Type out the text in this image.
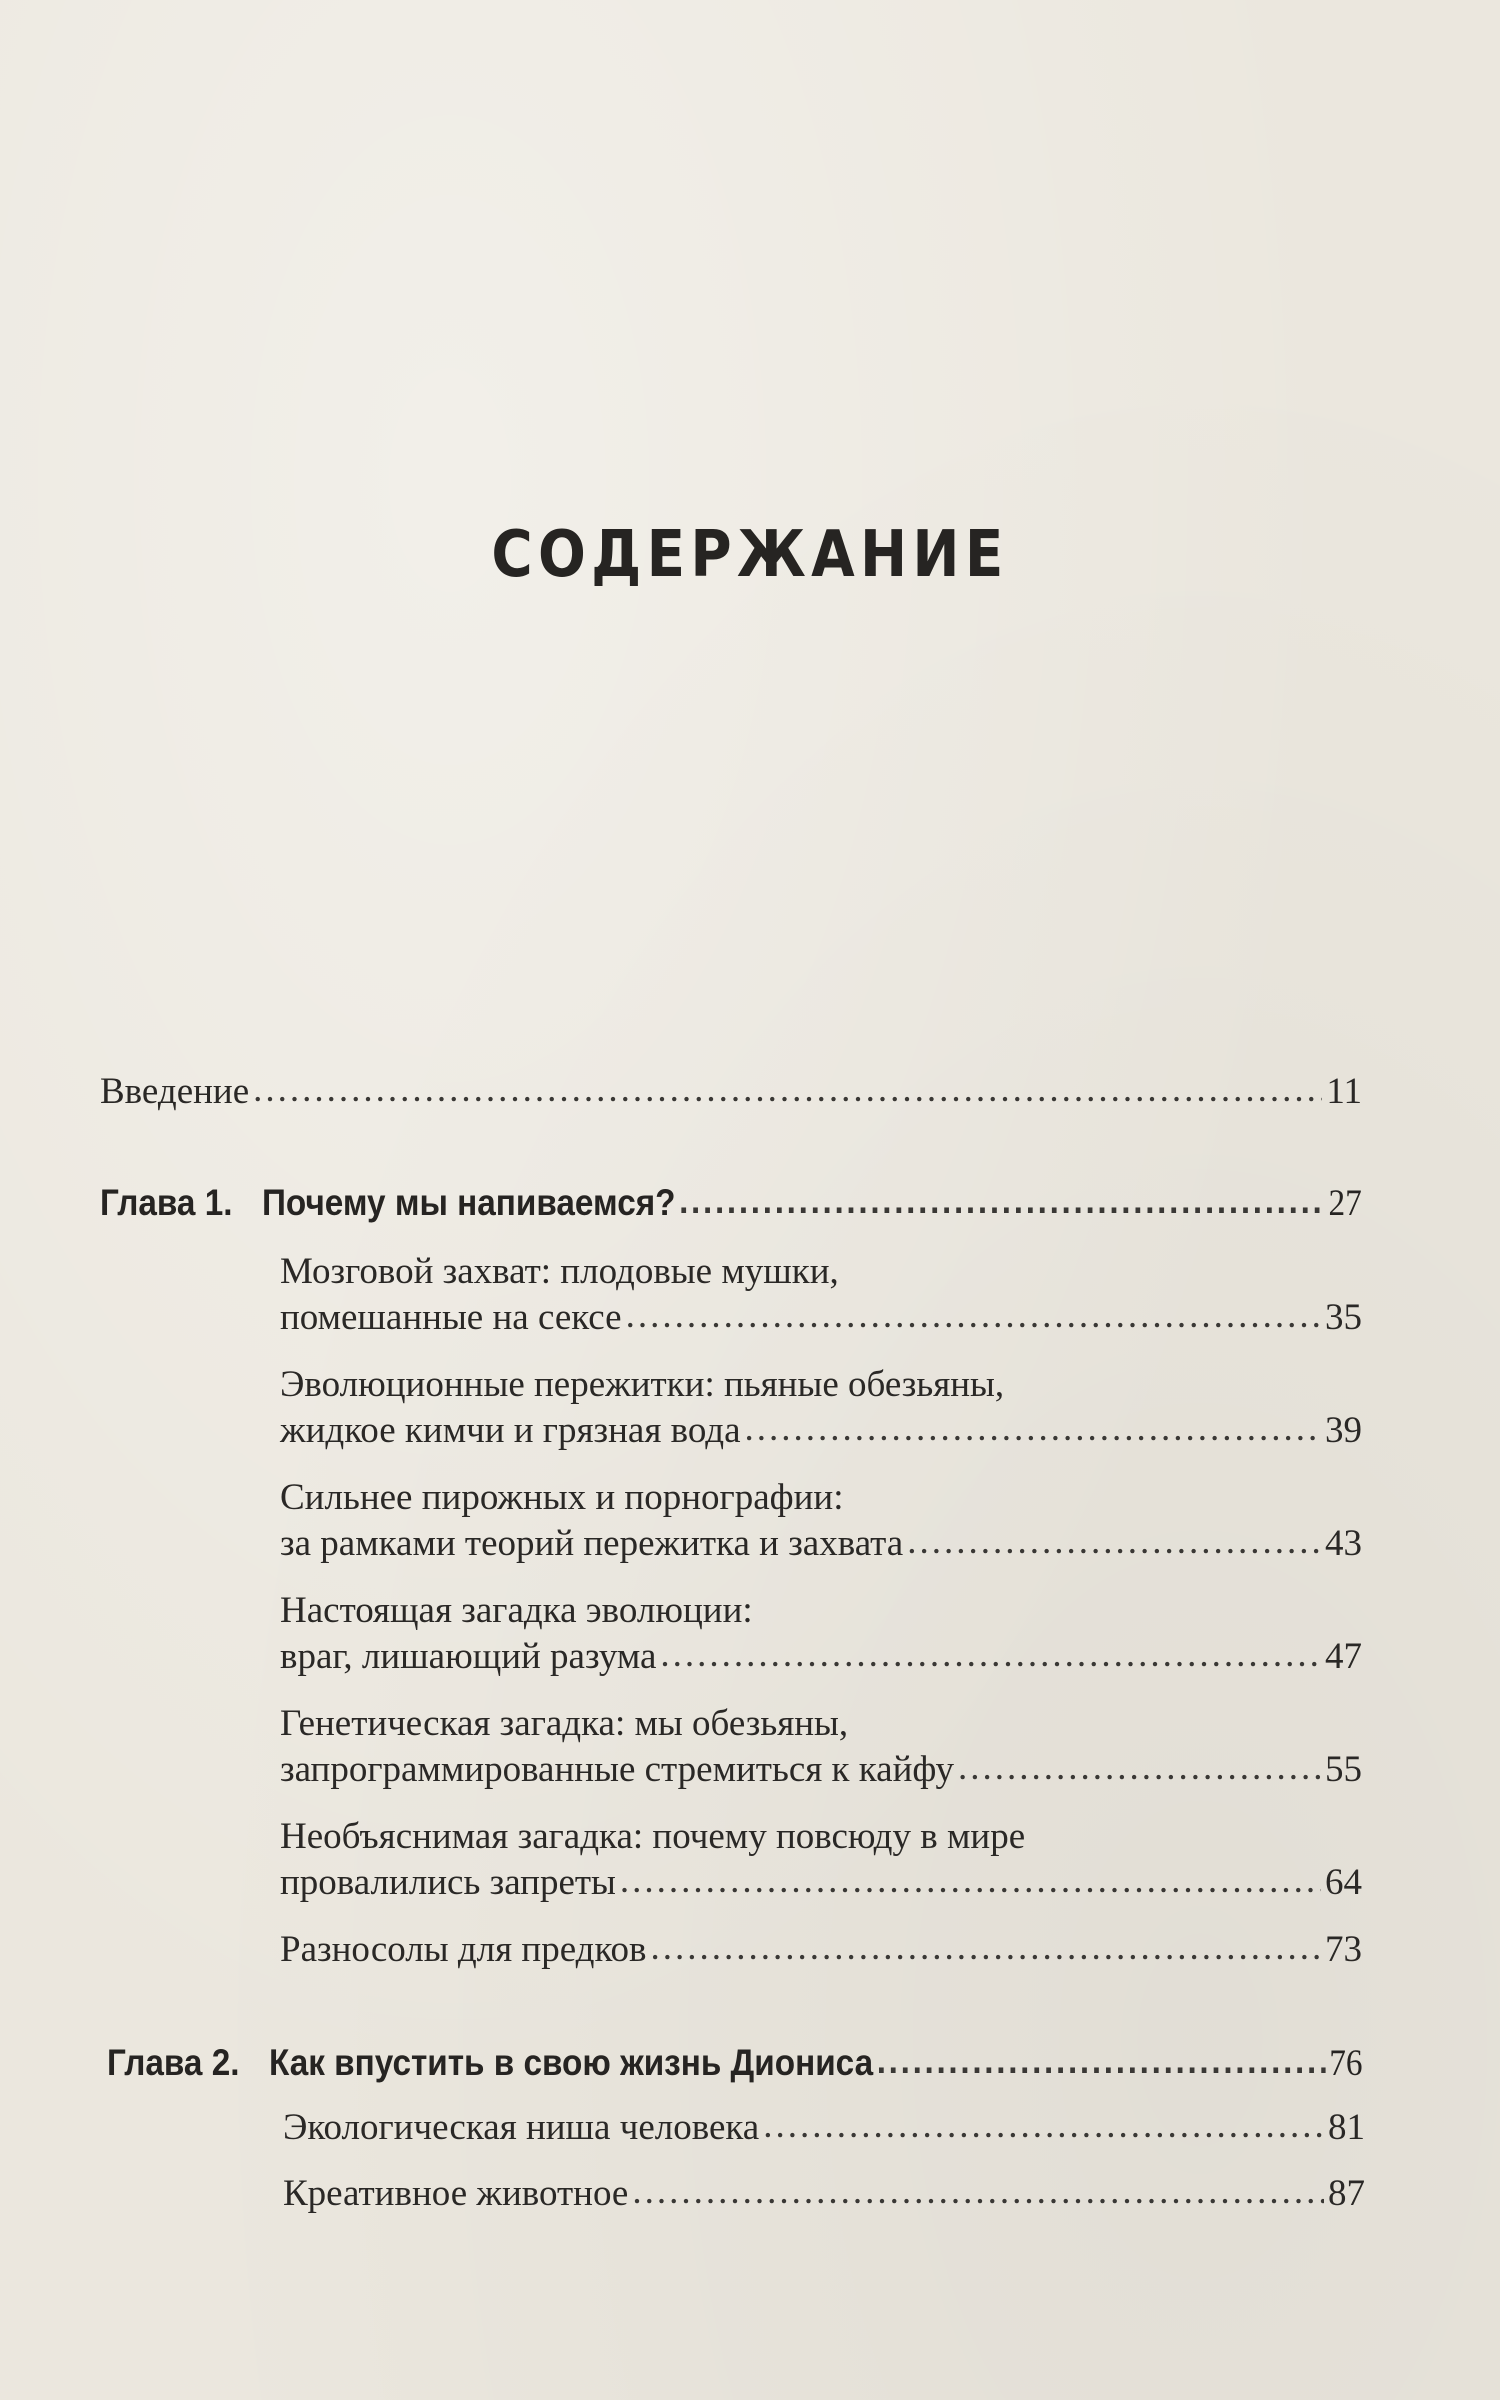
СОДЕРЖАНИЕ
Введение .....	11
Глава 1. Почему мы напиваемся? .....	27
Мозговой захват: плодовые мушки,
помешанные на сексе .....	35
Эволюционные пережитки: пьяные обезьяны,
жидкое кимчи и грязная вода .....	39
Сильнее пирожных и порнографии:
за рамками теорий пережитка и захвата .....	43
Настоящая загадка эволюции:
враг, лишающий разума .....	47
Генетическая загадка: мы обезьяны,
запрограммированные стремиться к кайфу .....	55
Необъяснимая загадка: почему повсюду в мире
провалились запреты .....	64
Разносолы для предков .....	73
Глава 2. Как впустить в свою жизнь Диониса .....	76
Экологическая ниша человека .....	81
Креативное животное .....	87
